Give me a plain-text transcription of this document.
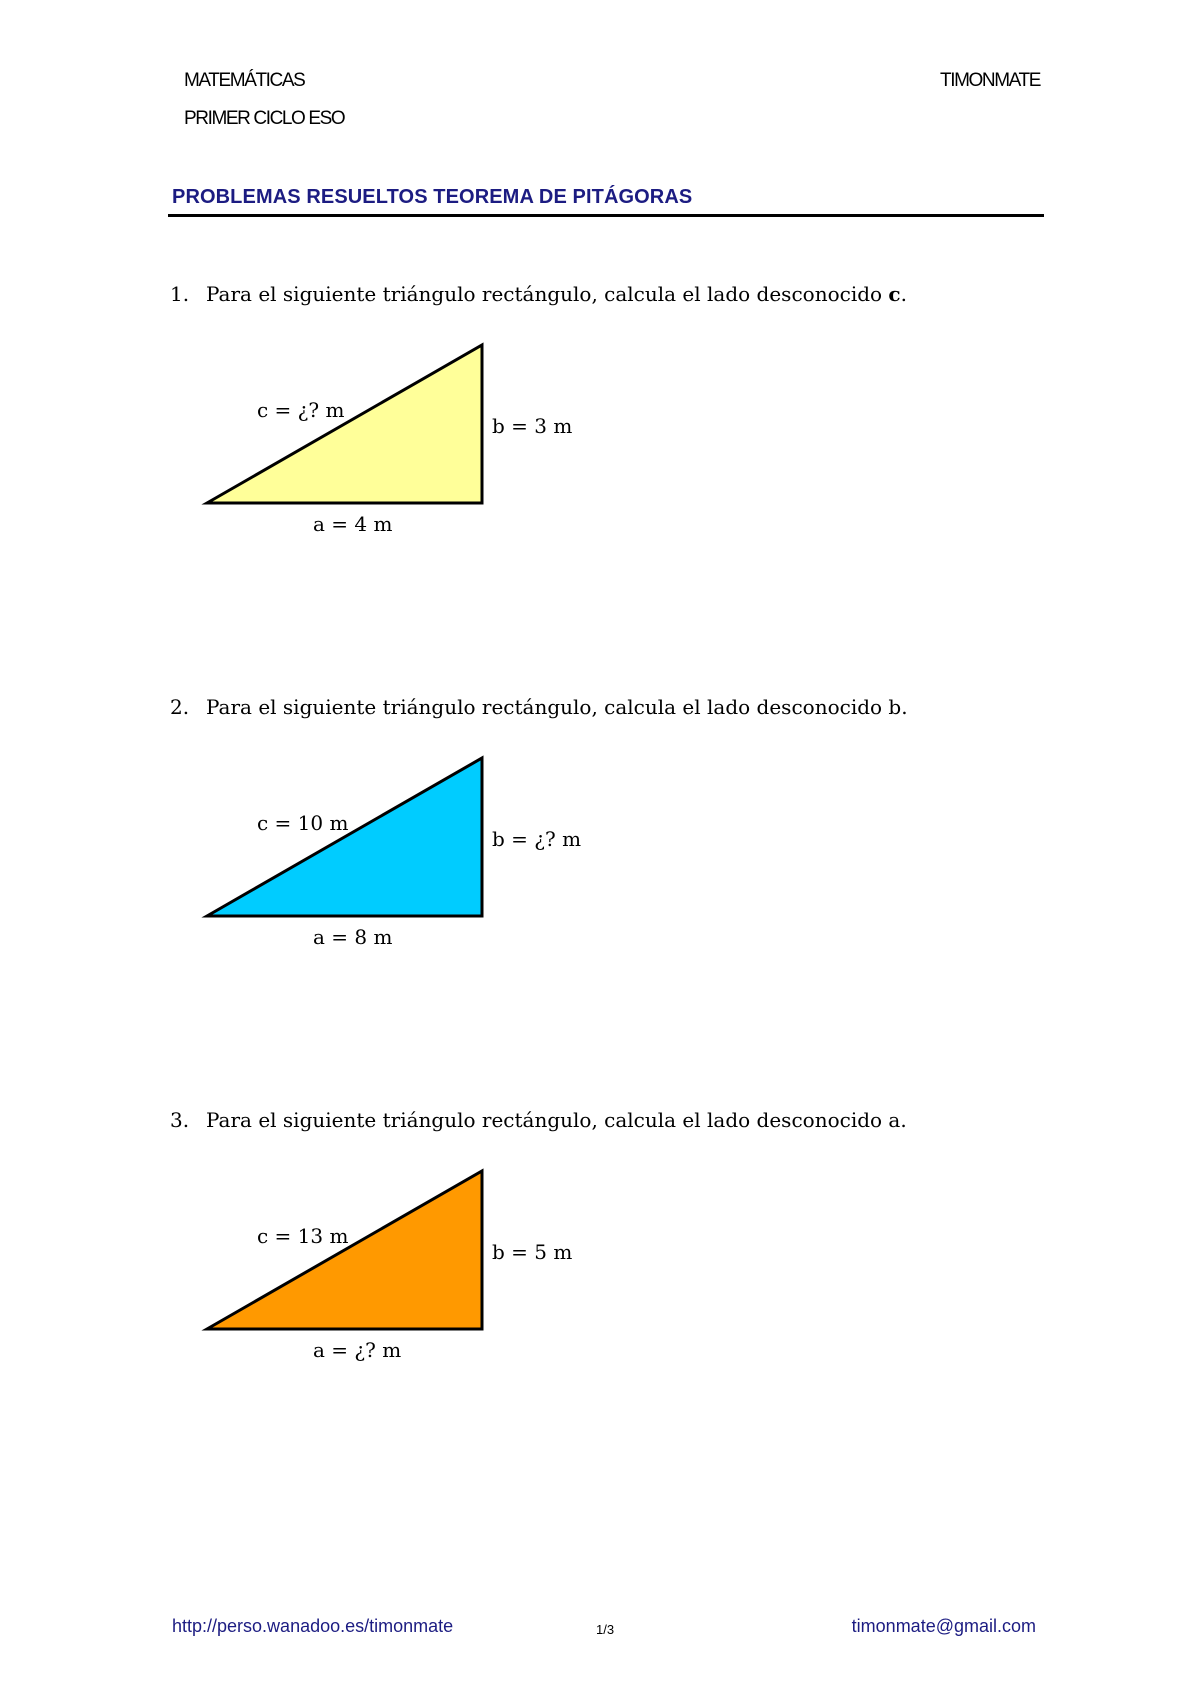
MATEMÁTICAS
PRIMER CICLO ESO
TIMONMATE
PROBLEMAS RESUELTOS TEOREMA DE PITÁGORAS
1. Para el siguiente triángulo rectángulo, calcula el lado desconocido c.
c = ¿? m
b = 3 m
a = 4 m
2. Para el siguiente triángulo rectángulo, calcula el lado desconocido b.
c = 10 m
b = ¿? m
a = 8 m
3. Para el siguiente triángulo rectángulo, calcula el lado desconocido a.
c = 13 m
b = 5 m
a = ¿? m
http://perso.wanadoo.es/timonmate	1/3	timonmate@gmail.com
